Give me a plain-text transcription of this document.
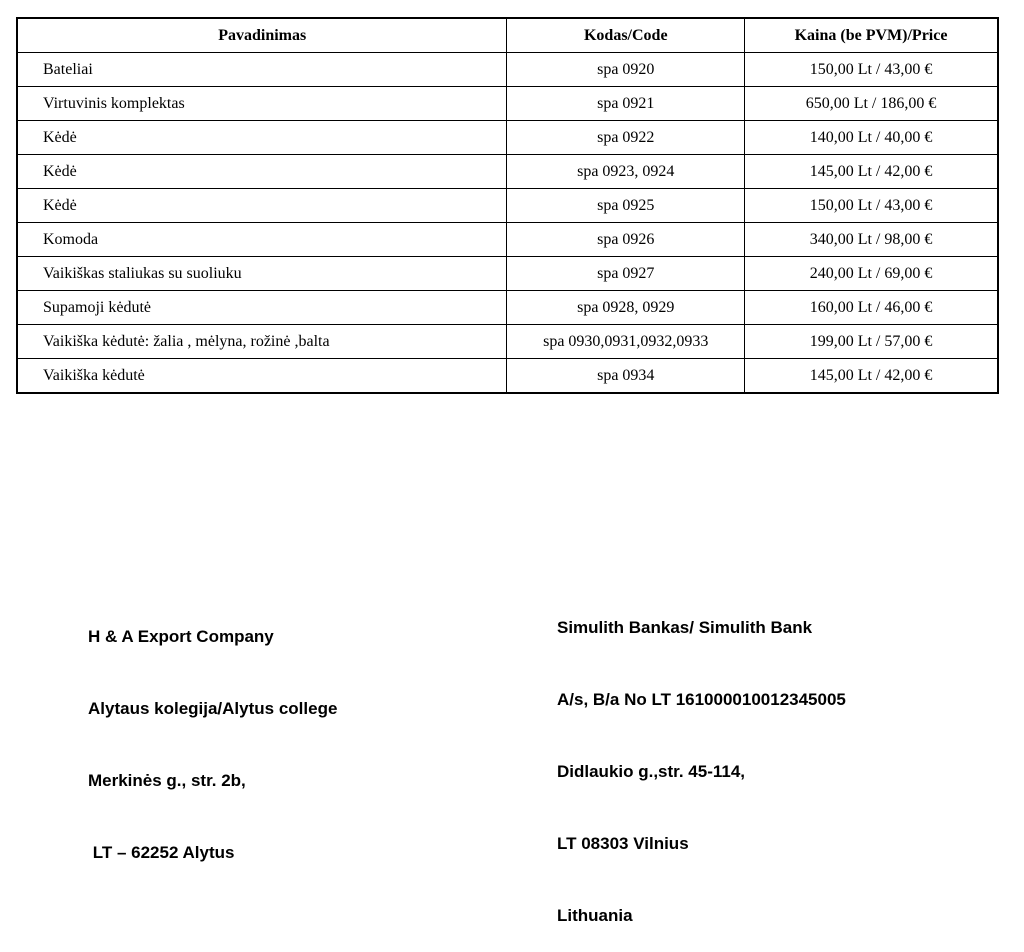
Pavadinimas	Kodas/Code	Kaina (be PVM)/Price
Bateliai	spa 0920	150,00 Lt / 43,00 €
Virtuvinis komplektas	spa 0921	650,00 Lt / 186,00 €
Kėdė	spa 0922	140,00 Lt / 40,00 €
Kėdė	spa 0923, 0924	145,00 Lt / 42,00 €
Kėdė	spa 0925	150,00 Lt / 43,00 €
Komoda	spa 0926	340,00 Lt / 98,00 €
Vaikiškas staliukas su suoliuku	spa 0927	240,00 Lt / 69,00 €
Supamoji kėdutė	spa 0928, 0929	160,00 Lt / 46,00 €
Vaikiška kėdutė: žalia , mėlyna, rožinė ,balta	spa 0930,0931,0932,0933	199,00 Lt / 57,00 €
Vaikiška kėdutė	spa 0934	145,00 Lt / 42,00 €

H & A Export Company

Alytaus kolegija/Alytus college

Merkinės g., str. 2b,

LT – 62252 Alytus

Simulith Bankas/ Simulith Bank

A/s, B/a No LT 161000010012345005

Didlaukio g.,str. 45-114,

LT 08303 Vilnius

Lithuania
